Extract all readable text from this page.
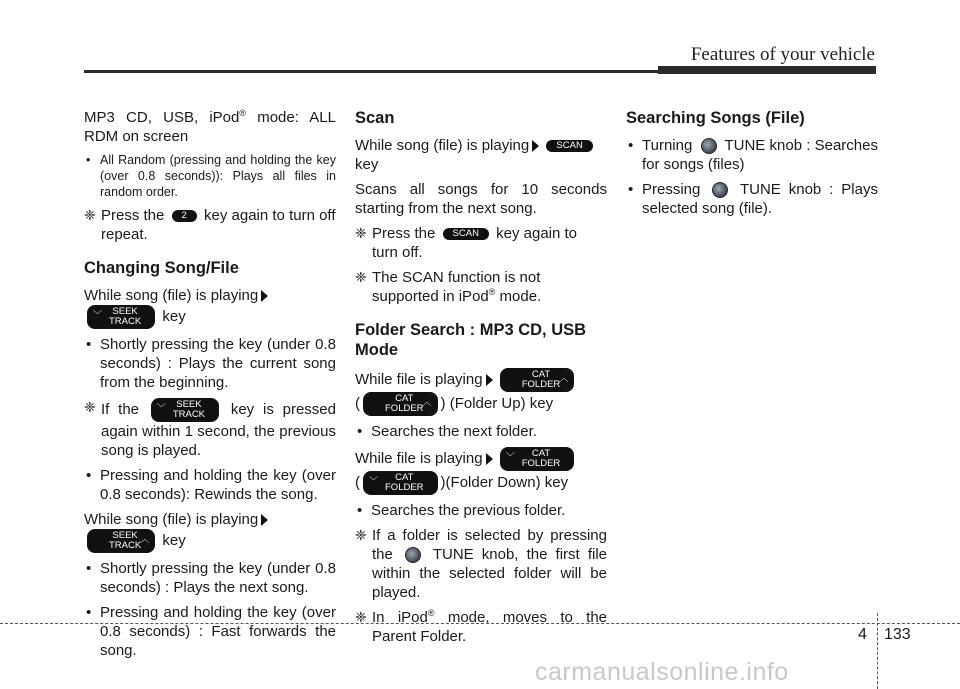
Features of your vehicle

MP3 CD, USB, iPod® mode: ALL RDM on screen

• All Random (pressing and holding the key (over 0.8 seconds)): Plays all files in random order.
❈ Press the 2 key again to turn off repeat.
Changing Song/File

While song (file) is playing

﹀ SEEK
TRACK key

• Shortly pressing the key (under 0.8 seconds) : Plays the current song from the beginning.
❈ If the ﹀ SEEK
TRACK key is pressed again within 1 second, the previous song is played.
• Pressing and holding the key (over 0.8 seconds): Rewinds the song.

While song (file) is playing

︿
SEEK
TRACK key

• Shortly pressing the key (under 0.8 seconds) : Plays the next song.
• Pressing and holding the key (over 0.8 seconds) : Fast forwards the song.
Scan

While song (file) is playing	SCAN
key

Scans all songs for 10 seconds starting from the next song.

❈ Press the SCAN key again to turn off.
❈ The SCAN function is not supported in iPod® mode.
Folder Search : MP3 CD, USB Mode

While file is playing	︿
CAT
FOLDER
(	︿
CAT
FOLDER ) (Folder Up) key

• Searches the next folder.

While file is playing	﹀ CAT
FOLDER
( ﹀ CAT
FOLDER )(Folder Down) key

• Searches the previous folder.
❈ If a folder is selected by pressing the	TUNE knob, the first file within the selected folder will be played.
❈ In iPod® mode, moves to the Parent Folder.
Searching Songs (File)
• Turning TUNE knob : Searches for songs (files)
• Pressing	TUNE knob : Plays selected song (file).
4 133
carmanualsonline.info
